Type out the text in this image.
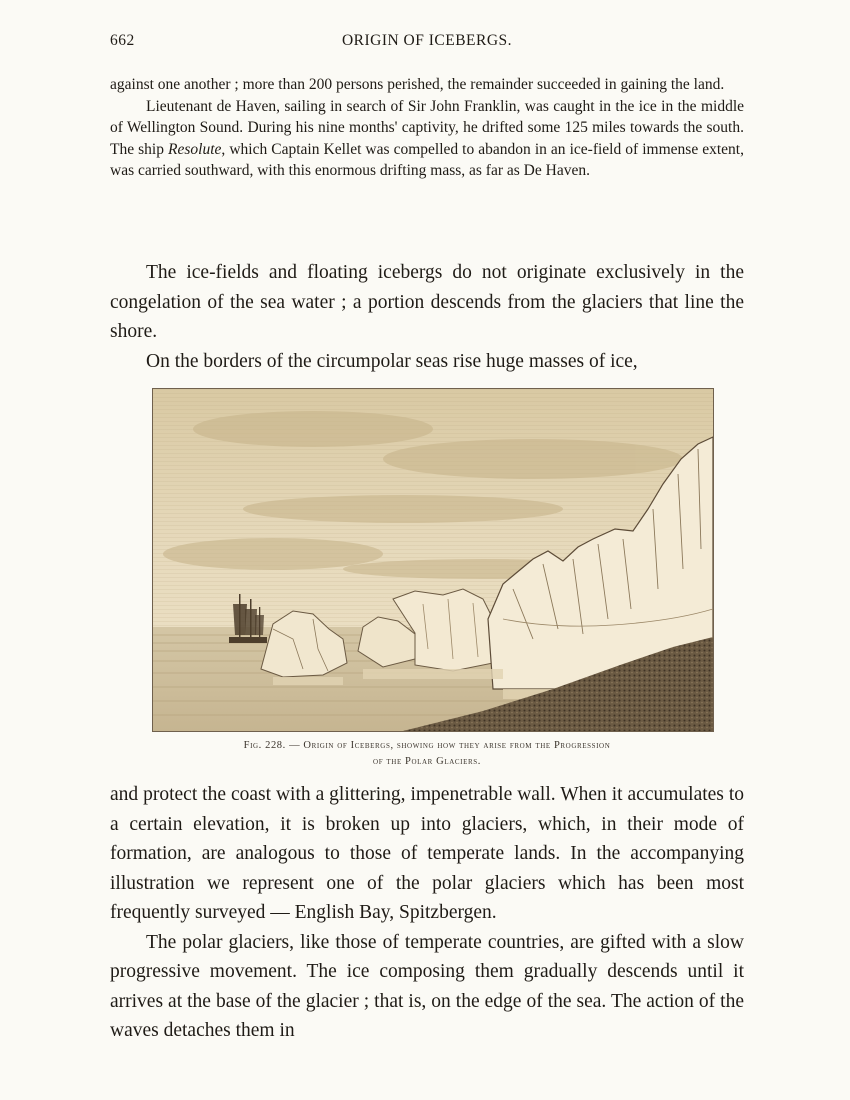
662	ORIGIN OF ICEBERGS.

against one another ; more than 200 persons perished, the remainder succeeded in gaining the land.

Lieutenant de Haven, sailing in search of Sir John Franklin, was caught in the ice in the middle of Wellington Sound. During his nine months' captivity, he drifted some 125 miles towards the south. The ship Resolute, which Captain Kellet was compelled to abandon in an ice-field of immense extent, was carried southward, with this enormous drifting mass, as far as De Haven.

The ice-fields and floating icebergs do not originate exclusively in the congelation of the sea water ; a portion descends from the glaciers that line the shore.

On the borders of the circumpolar seas rise huge masses of ice,

Fig. 228. — Origin of Icebergs, showing how they arise from the Progression

of the Polar Glaciers.

and protect the coast with a glittering, impenetrable wall. When it accumulates to a certain elevation, it is broken up into glaciers, which, in their mode of formation, are analogous to those of temperate lands. In the accompanying illustration we represent one of the polar glaciers which has been most frequently surveyed — English Bay, Spitzbergen.

The polar glaciers, like those of temperate countries, are gifted with a slow progressive movement. The ice composing them gradually descends until it arrives at the base of the glacier ; that is, on the edge of the sea. The action of the waves detaches them in
